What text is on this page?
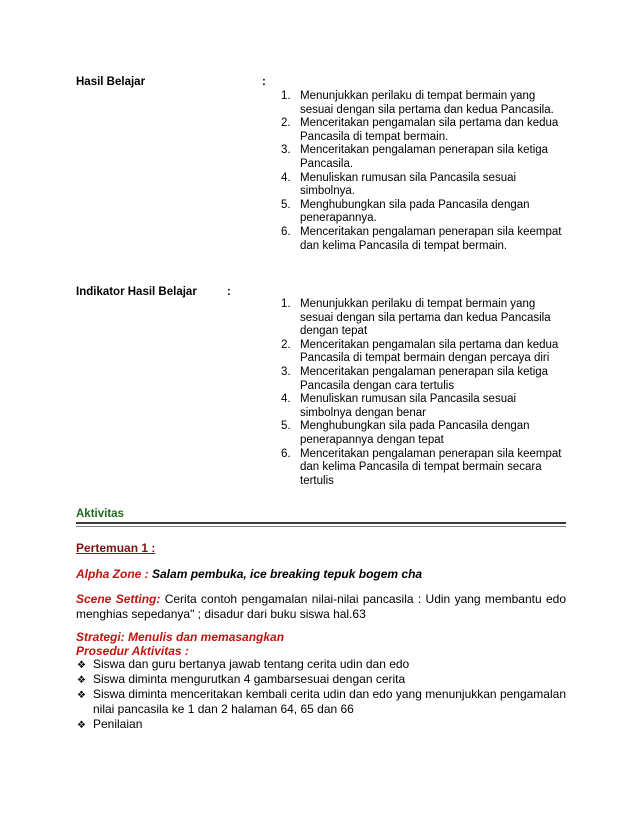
Hasil Belajar	:
1. Menunjukkan perilaku di tempat bermain yang sesuai dengan sila pertama dan kedua Pancasila.
2. Menceritakan pengamalan sila pertama dan kedua Pancasila di tempat bermain.
3. Menceritakan pengalaman penerapan sila ketiga Pancasila.
4. Menuliskan rumusan sila Pancasila sesuai simbolnya.
5. Menghubungkan sila pada Pancasila dengan penerapannya.
6. Menceritakan pengalaman penerapan sila keempat dan kelima Pancasila di tempat bermain.
Indikator Hasil Belajar	:
1. Menunjukkan perilaku di tempat bermain yang sesuai dengan sila pertama dan kedua Pancasila dengan tepat
2. Menceritakan pengamalan sila pertama dan kedua Pancasila di tempat bermain dengan percaya diri
3. Menceritakan pengalaman penerapan sila ketiga Pancasila dengan cara tertulis
4. Menuliskan rumusan sila Pancasila sesuai simbolnya dengan benar
5. Menghubungkan sila pada Pancasila dengan penerapannya dengan tepat
6. Menceritakan pengalaman penerapan sila keempat dan kelima Pancasila di tempat bermain secara tertulis
Aktivitas
Pertemuan 1 :
Alpha Zone : Salam pembuka, ice breaking tepuk bogem cha
Scene Setting: Cerita contoh pengamalan nilai-nilai pancasila : Udin yang membantu edo menghias sepedanya" ; disadur dari buku siswa hal.63
Strategi: Menulis dan memasangkan
Prosedur Aktivitas :
❖ Siswa dan guru bertanya jawab tentang cerita udin dan edo
❖ Siswa diminta mengurutkan 4 gambarsesuai dengan cerita
❖ Siswa diminta menceritakan kembali cerita udin dan edo yang menunjukkan pengamalan nilai pancasila ke 1 dan 2 halaman 64, 65 dan 66
❖ Penilaian
